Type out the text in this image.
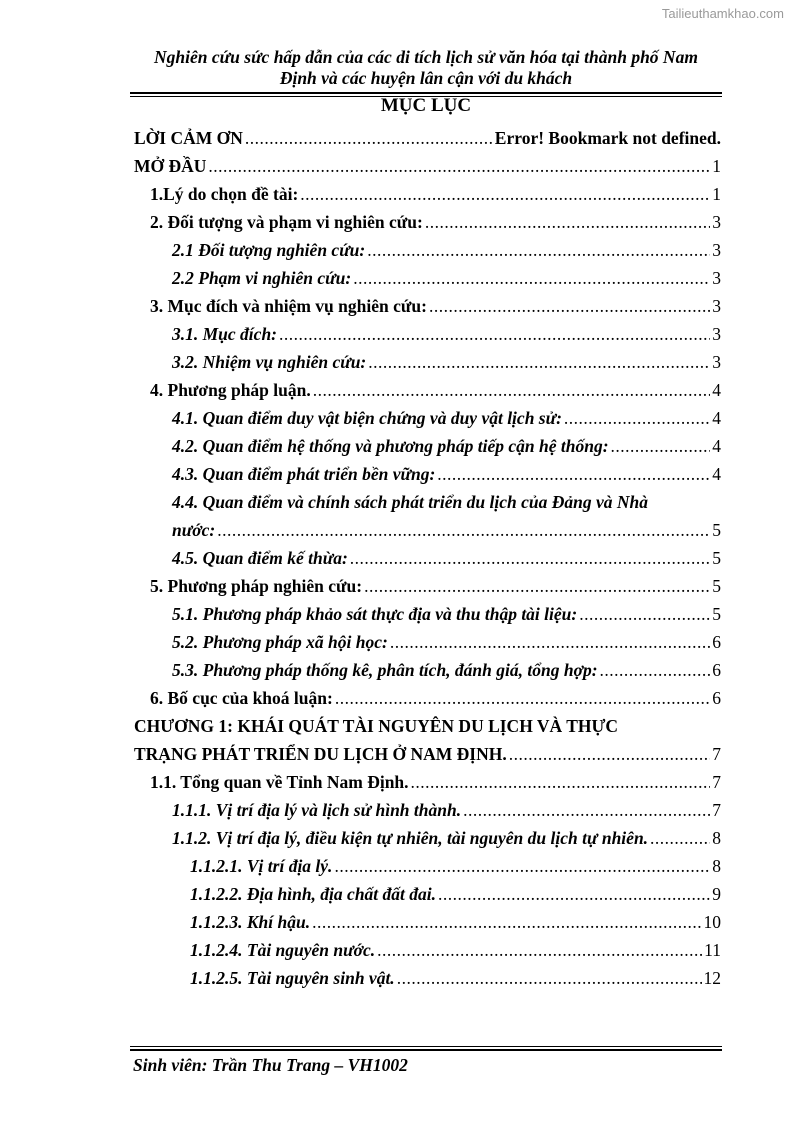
Tailieuthamkhao.com
Nghiên cứu sức hấp dẫn của các di tích lịch sử văn hóa tại thành phố Nam
Định và các huyện lân cận với du khách
MỤC LỤC
LỜI CẢM ƠN .....	Error! Bookmark not defined.
MỞ ĐẦU .....	1
1.Lý do chọn đề tài: .....	1
2. Đối tượng và phạm vi nghiên cứu: .....	3
2.1 Đối tượng nghiên cứu: .....	3
2.2 Phạm vi nghiên cứu: .....	3
3. Mục đích và nhiệm vụ nghiên cứu: .....	3
3.1. Mục đích: .....	3
3.2. Nhiệm vụ nghiên cứu: .....	3
4. Phương pháp luận. .....	4
4.1. Quan điểm duy vật biện chứng và duy vật lịch sử: .....	4
4.2. Quan điểm hệ thống và phương pháp tiếp cận hệ thống: .....	4
4.3. Quan điểm phát triển bền vững: .....	4
4.4. Quan điểm và chính sách phát triển du lịch của Đảng và Nhà
nước: .....	5
4.5. Quan điểm kế thừa: .....	5
5. Phương pháp nghiên cứu: .....	5
5.1. Phương pháp khảo sát thực địa và thu thập tài liệu: .....	5
5.2. Phương pháp xã hội học: .....	6
5.3. Phương pháp thống kê, phân tích, đánh giá, tổng hợp: .....	6
6. Bố cục của khoá luận: .....	6
CHƯƠNG 1: KHÁI QUÁT TÀI NGUYÊN DU LỊCH VÀ THỰC
TRẠNG PHÁT TRIỂN DU LỊCH Ở NAM ĐỊNH. .....	7
1.1. Tổng quan về Tỉnh Nam Định. .....	7
1.1.1. Vị trí địa lý và lịch sử hình thành. .....	7
1.1.2. Vị trí địa lý, điều kiện tự nhiên, tài nguyên du lịch tự nhiên. .....	8
1.1.2.1. Vị trí địa lý. .....	8
1.1.2.2. Địa hình, địa chất đất đai. .....	9
1.1.2.3. Khí hậu. .....	10
1.1.2.4. Tài nguyên nước. .....	11
1.1.2.5. Tài nguyên sinh vật. .....	12
Sinh viên: Trần Thu Trang – VH1002
